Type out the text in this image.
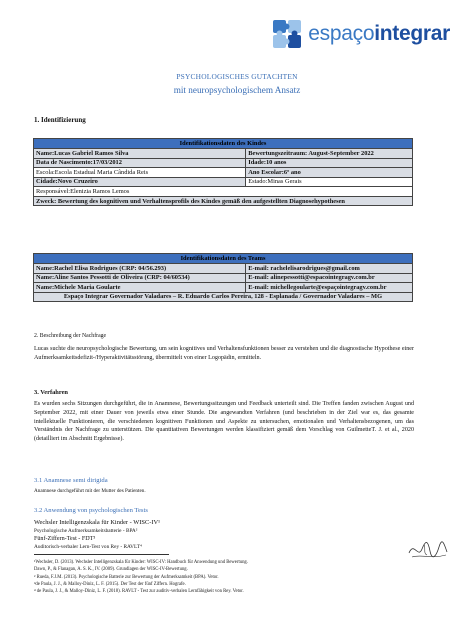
espaçointegrar
PSYCHOLOGISCHES GUTACHTEN
mit neuropsychologischem Ansatz
1. Identifizierung
Identifikationsdaten des Kindes	
Name:Lucas Gabriel Ramos Silva	Bewertungszeitraum: August-September 2022
Data de Nascimento:17/03/2012	Idade:10 anos
Escola:Escola Estadual Maria Cândida Reis	Ano Escolar:6º ano
Cidade:Novo Cruzeiro	Estado:Minas Gerais
Responsável:Elenizia Ramos Lemos	
Zweck: Bewertung des kognitiven und Verhaltensprofils des Kindes gemäß den aufgestellten Diagnosehypothesen	
Identifikationsdaten des Teams	
Name:Rachel Elisa Rodrigues (CRP: 04/56.293)	E-mail: rachelelisarodrigues@gmail.com
Name:Aline Santos Pessotti de Oliveira (CRP: 04/60534)	E-mail: alinepessotti@espacointegragv.com.br
Name:Michele Maria Goularte	E-mail: michellegoularte@espaçointegragv.com.br
Espaço Integrar Governador Valadares – R. Eduardo Carlos Pereira, 128 - Esplanada / Governador Valadares – MG	
2. Beschreibung der Nachfrage
Lucas suchte die neuropsychologische Bewertung, um sein kognitives und Verhaltensfunktionen besser zu verstehen und die diagnostische Hypothese einer Aufmerksamkeitsdefizit-/Hyperaktivitätsstörung, übermittelt von einer Logopädin, ermitteln.
3. Verfahren
Es wurden sechs Sitzungen durchgeführt, die in Anamnese, Bewertungssitzungen und Feedback unterteilt sind. Die Treffen fanden zwischen August und September 2022, mit einer Dauer von jeweils etwa einer Stunde. Die angewandten Verfahren (und beschrieben in der Ziel war es, das gesamte intellektuelle Funktionieren, die verschiedenen kognitiven Funktionen und Aspekte zu untersuchen, emotionalen und Verhaltensbezogenen, um das Verständnis der Nachfrage zu unterstützen. Die quantitativen Bewertungen werden klassifiziert gemäß dem Vorschlag von GuilmetteT. J. et al., 2020 (detailliert im Abschnitt Ergebnisse).
3.1 Anamnese semi dirigida
Anamnese durchgeführt mit der Mutter des Patienten.
3.2 Anwendung von psychologischen Tests
Wechsler Intelligenzskala für Kinder - WISC-IV¹
Psychologische Aufmerksamkeitsbatterie - BPA²
Fünf-Ziffern-Test - FDT³
Auditorisch-verbaler Lern-Test von Rey - RAVLT⁴
¹Wechsler, D. (2013). Wechsler Intelligenzskala für Kinder: WISC-IV: Handbuch für Anwendung und Bewertung.
Dawn, P., & Flanagan, A. S. K., IV. (2009). Grundlagen der WISC-IV-Bewertung.
² Rueda, F.J.M. (2013). Psychologische Batterie zur Bewertung der Aufmerksamkeit (BPA). Vetor.
³de Paula, J. J., & Malloy-Diniz, L. F. (2015). Der Test der fünf Ziffern. Hografe.
⁴ de Paula, J. J., & Malloy-Diniz, L. F. (2018). RAVLT - Test zur auditiv-verbalen Lernfähigkeit von Rey. Vetor.
